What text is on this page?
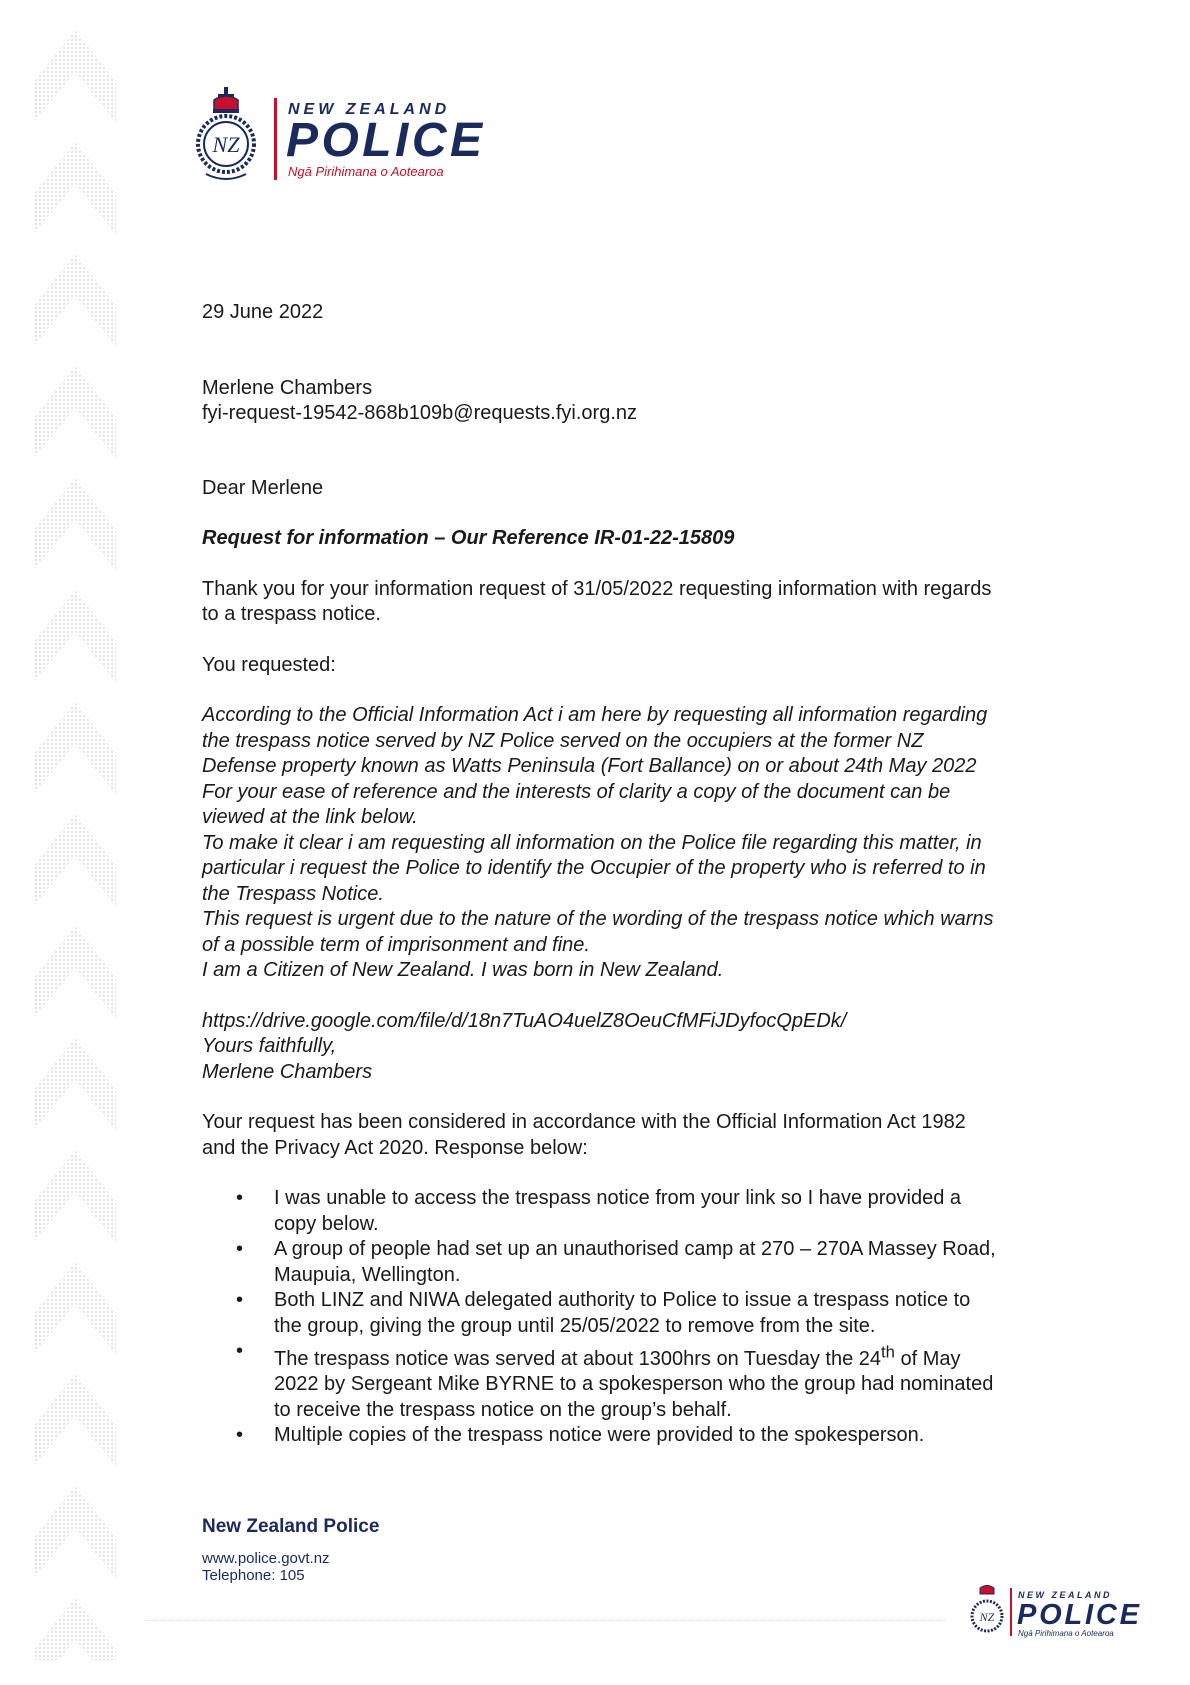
NZ
NEW ZEALAND
POLICE
Ngā Pirihimana o Aotearoa

29 June 2022

Merlene Chambers

fyi-request-19542-868b109b@requests.fyi.org.nz

Dear Merlene

Request for information – Our Reference IR-01-22-15809

Thank you for your information request of 31/05/2022 requesting information with regards to a trespass notice.

You requested:

According to the Official Information Act i am here by requesting all information regarding the trespass notice served by NZ Police served on the occupiers at the former NZ Defense property known as Watts Peninsula (Fort Ballance) on or about 24th May 2022 For your ease of reference and the interests of clarity a copy of the document can be viewed at the link below.

To make it clear i am requesting all information on the Police file regarding this matter, in particular i request the Police to identify the Occupier of the property who is referred to in the Trespass Notice.

This request is urgent due to the nature of the wording of the trespass notice which warns of a possible term of imprisonment and fine.

I am a Citizen of New Zealand. I was born in New Zealand.

https://drive.google.com/file/d/18n7TuAO4uelZ8OeuCfMFiJDyfocQpEDk/

Yours faithfully,

Merlene Chambers

Your request has been considered in accordance with the Official Information Act 1982 and the Privacy Act 2020. Response below:

• I was unable to access the trespass notice from your link so I have provided a copy below.
• A group of people had set up an unauthorised camp at 270 – 270A Massey Road, Maupuia, Wellington.
• Both LINZ and NIWA delegated authority to Police to issue a trespass notice to the group, giving the group until 25/05/2022 to remove from the site.
• The trespass notice was served at about 1300hrs on Tuesday the 24th of May 2022 by Sergeant Mike BYRNE to a spokesperson who the group had nominated to receive the trespass notice on the group’s behalf.
• Multiple copies of the trespass notice were provided to the spokesperson.
New Zealand Police
www.police.govt.nz
Telephone: 105
NZ
NEW ZEALAND
POLICE
Ngā Pirihimana o Aotearoa
